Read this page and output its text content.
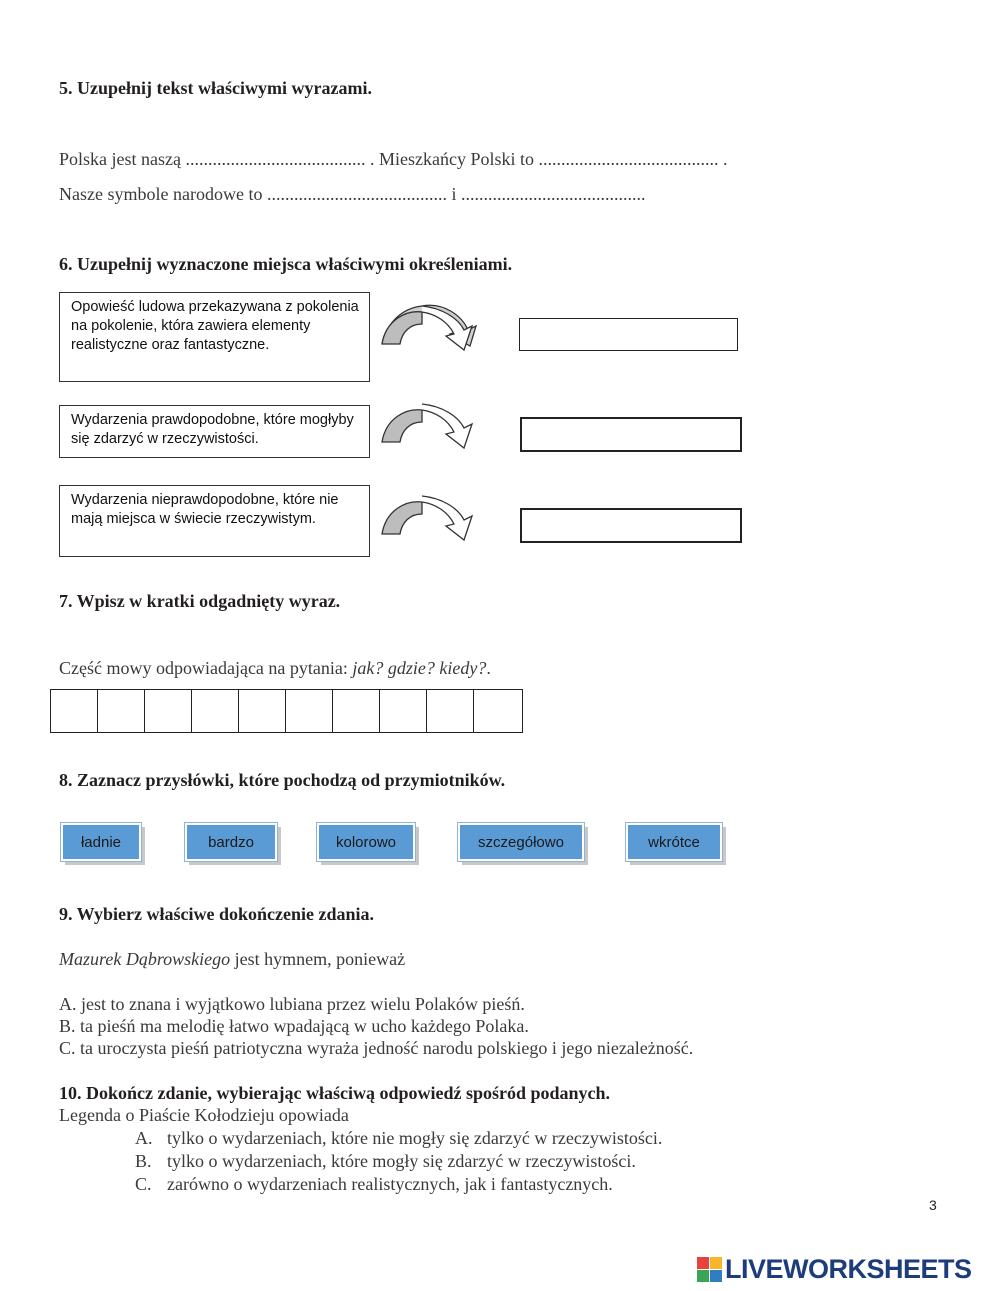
5. Uzupełnij tekst właściwymi wyrazami.
Polska jest naszą ........................................ . Mieszkańcy Polski to ........................................ .
Nasze symbole narodowe to ........................................ i .........................................
6. Uzupełnij wyznaczone miejsca właściwymi określeniami.
Opowieść ludowa przekazywana z pokolenia na pokolenie, która zawiera elementy realistyczne oraz fantastyczne.
Wydarzenia prawdopodobne, które mogłyby się zdarzyć w rzeczywistości.
Wydarzenia nieprawdopodobne, które nie mają miejsca w świecie rzeczywistym.
7. Wpisz w kratki odgadnięty wyraz.
Część mowy odpowiadająca na pytania: jak? gdzie? kiedy?.
8. Zaznacz przysłówki, które pochodzą od przymiotników.
ładnie	bardzo	kolorowo	szczegółowo	wkrótce
9. Wybierz właściwe dokończenie zdania.
Mazurek Dąbrowskiego jest hymnem, ponieważ
A. jest to znana i wyjątkowo lubiana przez wielu Polaków pieśń.
B. ta pieśń ma melodię łatwo wpadającą w ucho każdego Polaka.
C. ta uroczysta pieśń patriotyczna wyraża jedność narodu polskiego i jego niezależność.
10. Dokończ zdanie, wybierając właściwą odpowiedź spośród podanych.
Legenda o Piaście Kołodzieju opowiada
A. tylko o wydarzeniach, które nie mogły się zdarzyć w rzeczywistości.
B. tylko o wydarzeniach, które mogły się zdarzyć w rzeczywistości.
C. zarówno o wydarzeniach realistycznych, jak i fantastycznych.
3
LIVEWORKSHEETS
